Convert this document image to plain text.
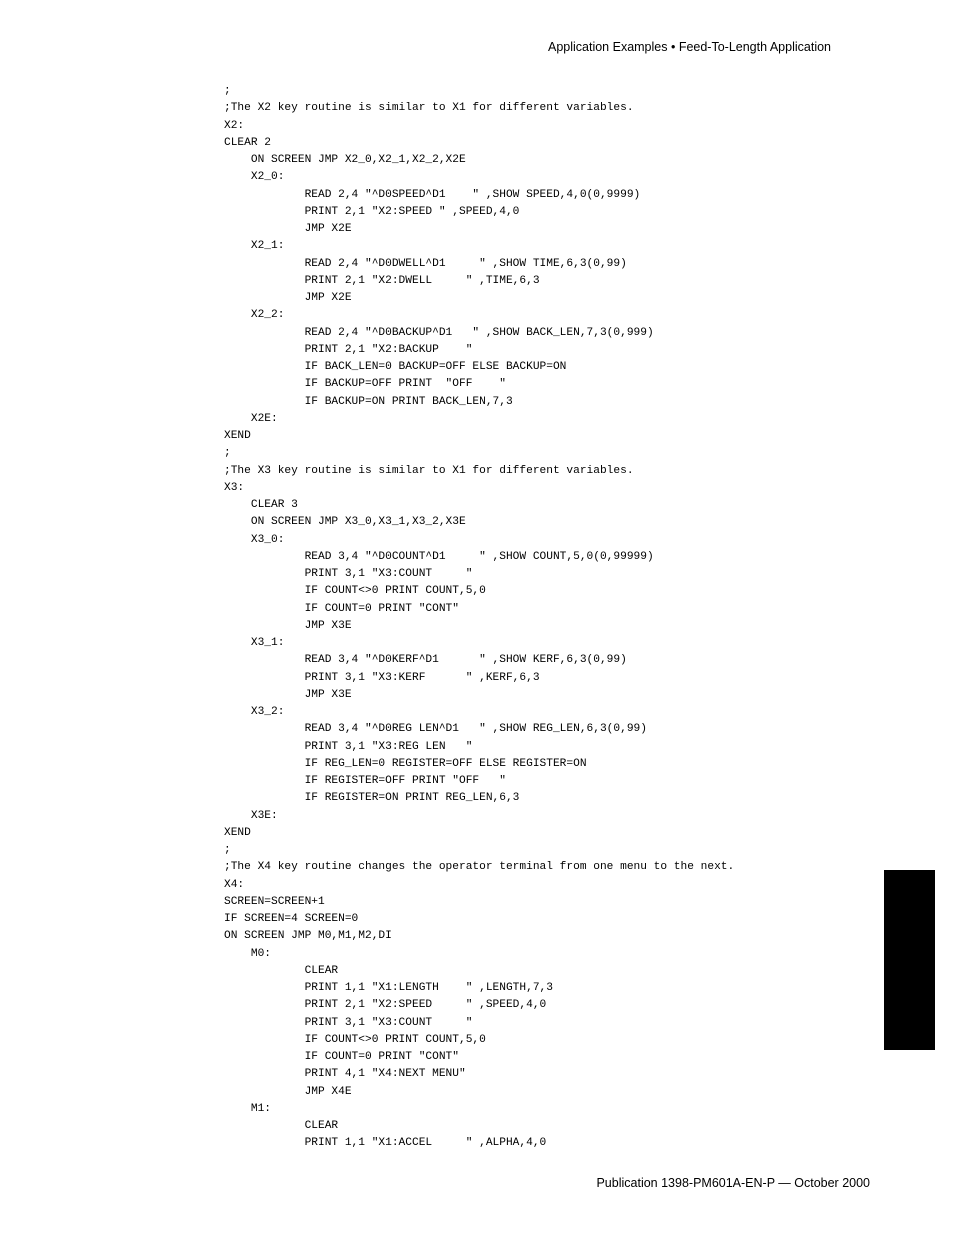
Application Examples • Feed-To-Length Application
;
;The X2 key routine is similar to X1 for different variables.
X2:
CLEAR 2
ON SCREEN JMP X2_0,X2_1,X2_2,X2E
X2_0:
READ 2,4 "^D0SPEED^D1    " ,SHOW SPEED,4,0(0,9999)
PRINT 2,1 "X2:SPEED " ,SPEED,4,0
JMP X2E
X2_1:
READ 2,4 "^D0DWELL^D1     " ,SHOW TIME,6,3(0,99)
PRINT 2,1 "X2:DWELL     " ,TIME,6,3
JMP X2E
X2_2:
READ 2,4 "^D0BACKUP^D1   " ,SHOW BACK_LEN,7,3(0,999)
PRINT 2,1 "X2:BACKUP    "
IF BACK_LEN=0 BACKUP=OFF ELSE BACKUP=ON
IF BACKUP=OFF PRINT  "OFF    "
IF BACKUP=ON PRINT BACK_LEN,7,3
X2E:
XEND
;
;The X3 key routine is similar to X1 for different variables.
X3:
CLEAR 3
ON SCREEN JMP X3_0,X3_1,X3_2,X3E
X3_0:
READ 3,4 "^D0COUNT^D1     " ,SHOW COUNT,5,0(0,99999)
PRINT 3,1 "X3:COUNT     "
IF COUNT<>0 PRINT COUNT,5,0
IF COUNT=0 PRINT "CONT"
JMP X3E
X3_1:
READ 3,4 "^D0KERF^D1      " ,SHOW KERF,6,3(0,99)
PRINT 3,1 "X3:KERF      " ,KERF,6,3
JMP X3E
X3_2:
READ 3,4 "^D0REG LEN^D1   " ,SHOW REG_LEN,6,3(0,99)
PRINT 3,1 "X3:REG LEN   "
IF REG_LEN=0 REGISTER=OFF ELSE REGISTER=ON
IF REGISTER=OFF PRINT "OFF   "
IF REGISTER=ON PRINT REG_LEN,6,3
X3E:
XEND
;
;The X4 key routine changes the operator terminal from one menu to the next.
X4:
SCREEN=SCREEN+1
IF SCREEN=4 SCREEN=0
ON SCREEN JMP M0,M1,M2,DI
M0:
CLEAR
PRINT 1,1 "X1:LENGTH    " ,LENGTH,7,3
PRINT 2,1 "X2:SPEED     " ,SPEED,4,0
PRINT 3,1 "X3:COUNT     "
IF COUNT<>0 PRINT COUNT,5,0
IF COUNT=0 PRINT "CONT"
PRINT 4,1 "X4:NEXT MENU"
JMP X4E
M1:
CLEAR
PRINT 1,1 "X1:ACCEL     " ,ALPHA,4,0
Publication 1398-PM601A-EN-P — October 2000
